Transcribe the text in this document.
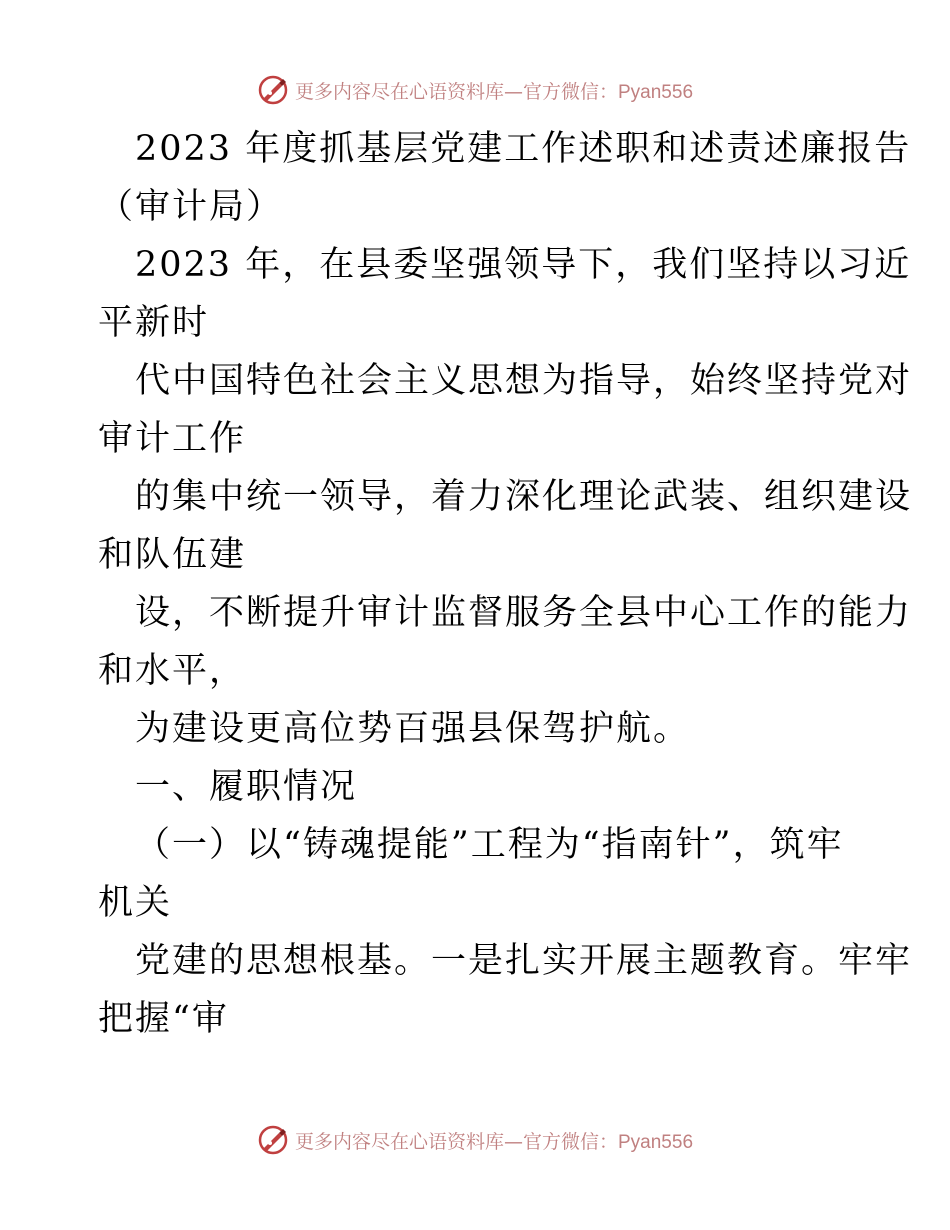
更多内容尽在心语资料库—官方微信：Pyan556
2023 年度抓基层党建工作述职和述责述廉报告
（审计局）
2023 年，在县委坚强领导下，我们坚持以习近
平新时
代中国特色社会主义思想为指导，始终坚持党对
审计工作
的集中统一领导，着力深化理论武装、组织建设
和队伍建
设，不断提升审计监督服务全县中心工作的能力
和水平，
为建设更高位势百强县保驾护航。
一、履职情况
（一）以“铸魂提能”工程为“指南针”，筑牢
机关
党建的思想根基。一是扎实开展主题教育。牢牢
把握“审
更多内容尽在心语资料库—官方微信：Pyan556
